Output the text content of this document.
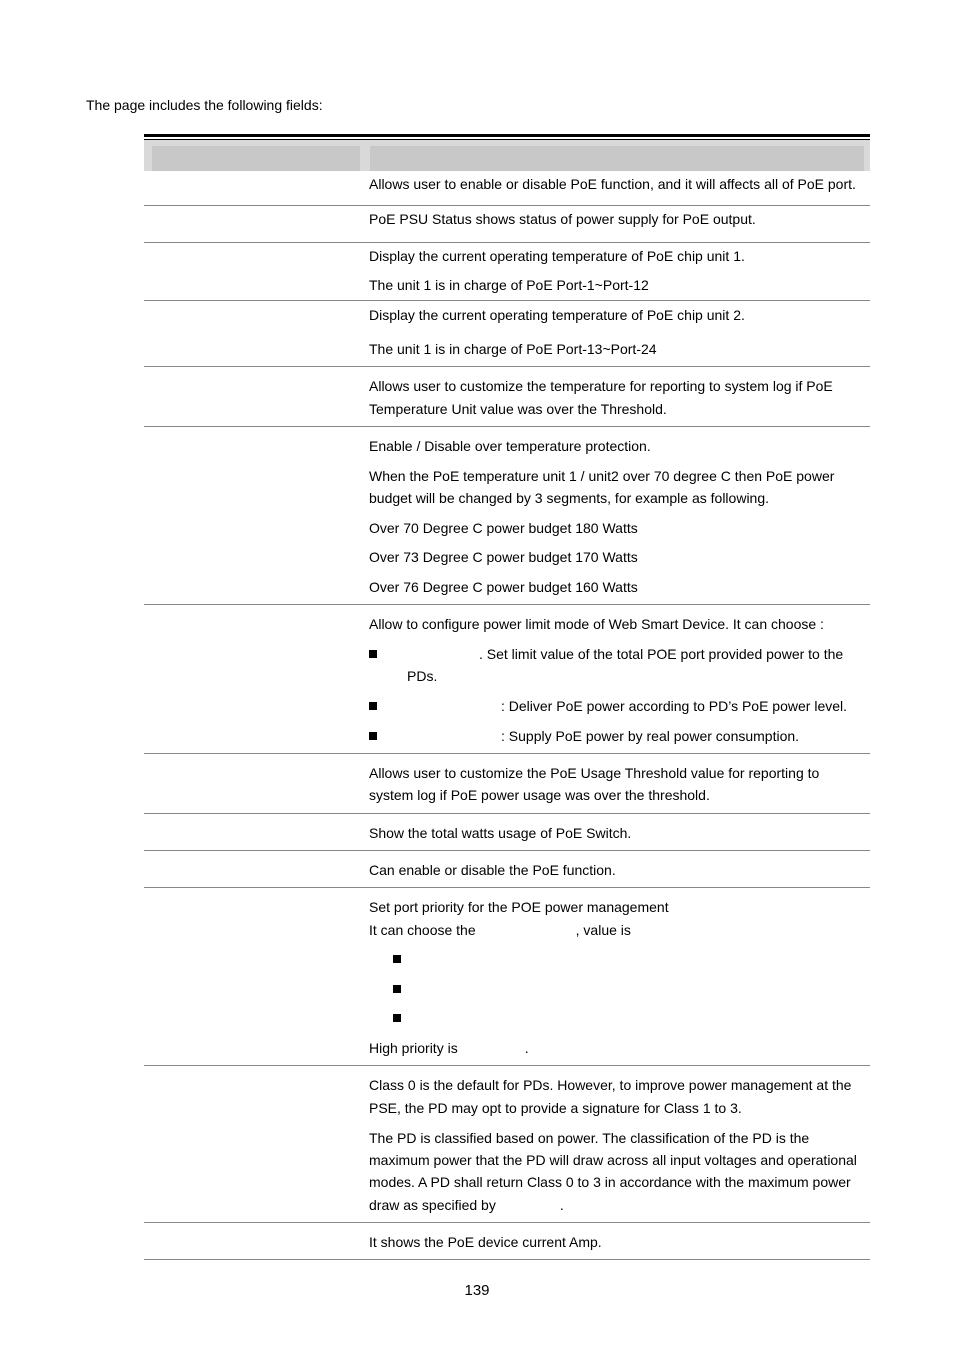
The page includes the following fields:

Allows user to enable or disable PoE function, and it will affects all of PoE port.

PoE PSU Status shows status of power supply for PoE output.

Display the current operating temperature of PoE chip unit 1.

The unit 1 is in charge of PoE Port-1~Port-12

Display the current operating temperature of PoE chip unit 2.

The unit 1 is in charge of PoE Port-13~Port-24

Allows user to customize the temperature for reporting to system log if PoE

Temperature Unit value was over the Threshold.

Enable / Disable over temperature protection.

When the PoE temperature unit 1 / unit2 over 70 degree C then PoE power

budget will be changed by 3 segments, for example as following.

Over 70 Degree C power budget 180 Watts

Over 73 Degree C power budget 170 Watts

Over 76 Degree C power budget 160 Watts

Allow to configure power limit mode of Web Smart Device. It can choose :

. Set limit value of the total POE port provided power to the

PDs.

: Deliver PoE power according to PD’s PoE power level.

: Supply PoE power by real power consumption.

Allows user to customize the PoE Usage Threshold value for reporting to

system log if PoE power usage was over the threshold.

Show the total watts usage of PoE Switch.

Can enable or disable the PoE function.

Set port priority for the POE power management

It can choose the	, value is

High priority is	.

Class 0 is the default for PDs. However, to improve power management at the

PSE, the PD may opt to provide a signature for Class 1 to 3.

The PD is classified based on power. The classification of the PD is the

maximum power that the PD will draw across all input voltages and operational

modes. A PD shall return Class 0 to 3 in accordance with the maximum power

draw as specified by	.

It shows the PoE device current Amp.

139
